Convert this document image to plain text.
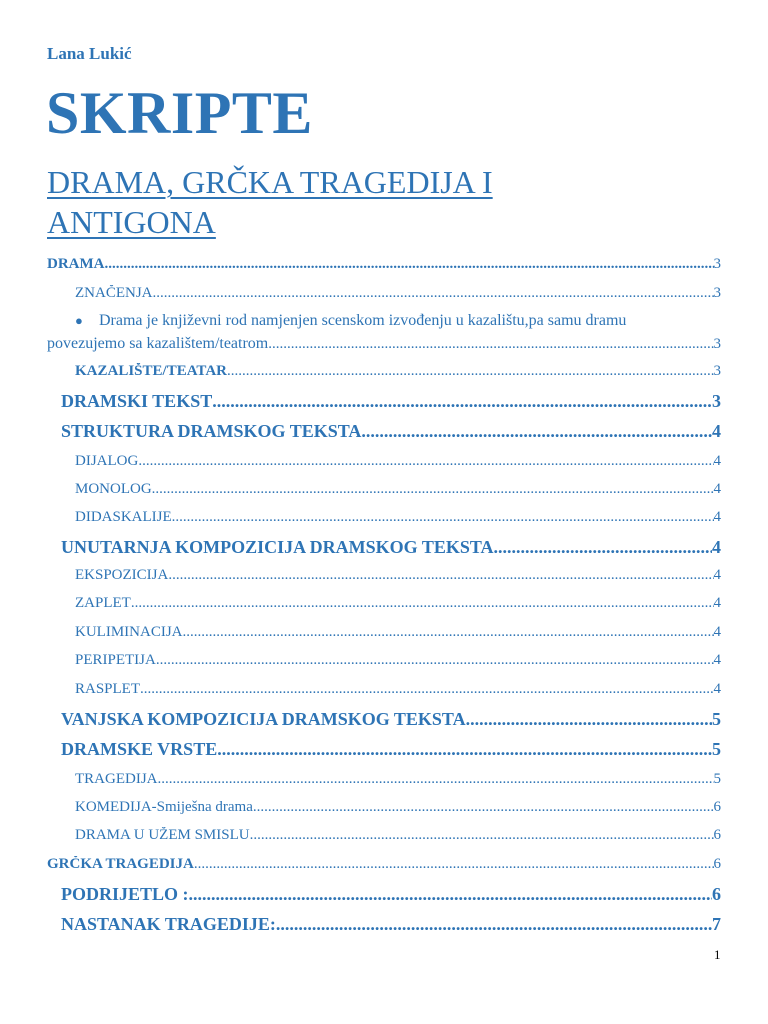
Lana Lukić
SKRIPTE
DRAMA, GRČKA TRAGEDIJA I ANTIGONA
DRAMA .....	3
ZNAČENJA .....	3
● Drama je književni rod namjenjen scenskom izvođenju u kazalištu,pa samu dramu
povezujemo sa kazalištem/teatrom .....	3
KAZALIŠTE/TEATAR .....	3
DRAMSKI TEKST .....	3
STRUKTURA DRAMSKOG TEKSTA .....	4
DIJALOG .....	4
MONOLOG .....	4
DIDASKALIJE .....	4
UNUTARNJA KOMPOZICIJA DRAMSKOG TEKSTA .....	4
EKSPOZICIJA .....	4
ZAPLET .....	4
KULIMINACIJA .....	4
PERIPETIJA .....	4
RASPLET .....	4
VANJSKA KOMPOZICIJA DRAMSKOG TEKSTA .....	5
DRAMSKE VRSTE .....	5
TRAGEDIJA .....	5
KOMEDIJA-Smiješna drama .....	6
DRAMA U UŽEM SMISLU .....	6
GRČKA TRAGEDIJA .....	6
PODRIJETLO : .....	6
NASTANAK TRAGEDIJE: .....	7
1
